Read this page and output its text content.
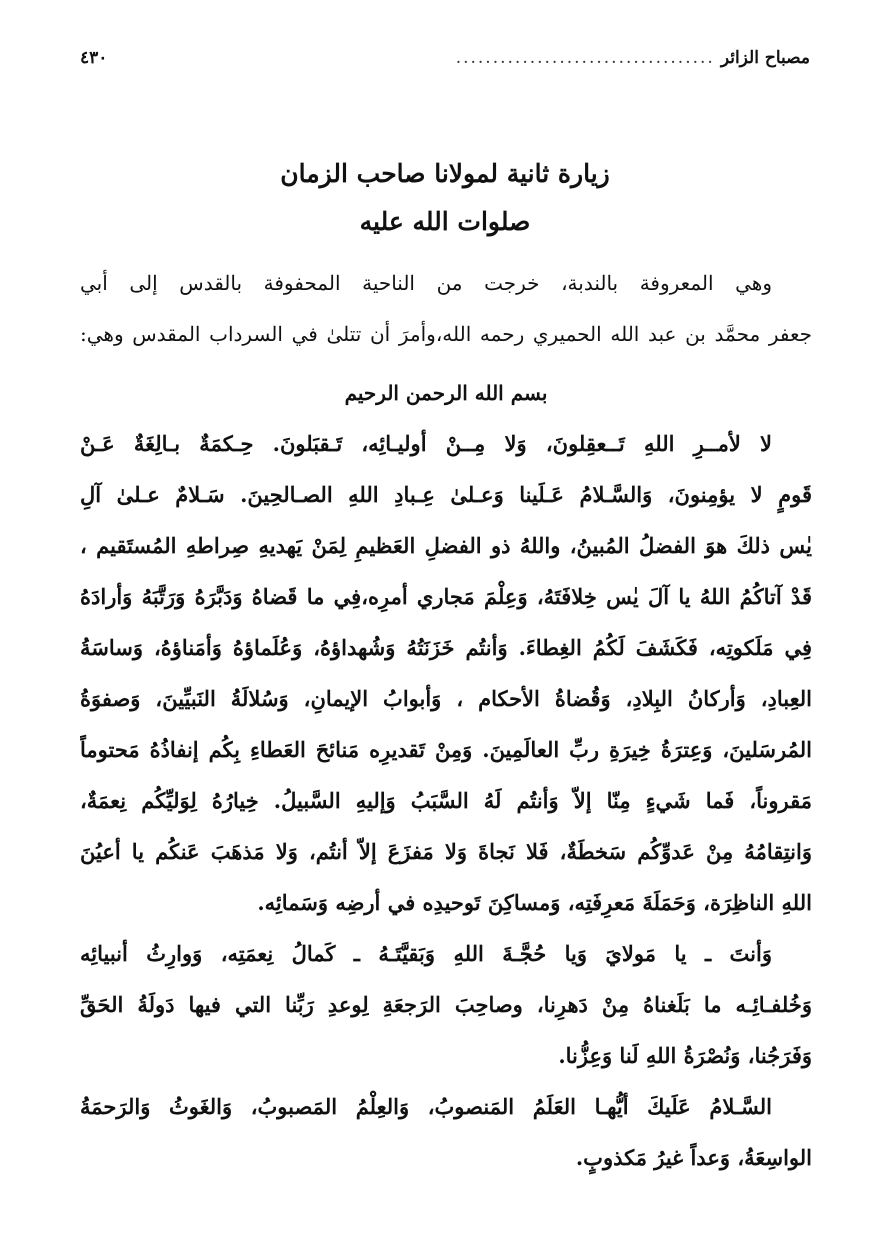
مصباح الزائر
...................................
٤٣٠
زيارة ثانية لمولانا صاحب الزمان
صلوات الله عليه
وهي المعروفة بالندبة، خرجت من الناحية المحفوفة بالقدس إلى أبي
جعفر محمَّد بن عبد الله الحميري رحمه الله،وأمرَ أن تتلىٰ في السرداب المقدس وهي:
بسم الله الرحمن الرحيم
لا لأمــرِ اللهِ تَــعقِلونَ، وَلا مِــنْ أوليـائِه، تَـقبَلونَ. حِـكمَةٌ بـالِغَةٌ عَـنْ
قَومٍ لا يؤمِنونَ، وَالسَّـلامُ عَـلَينا وَعـلىٰ عِـبادِ اللهِ الصـالحِينَ. سَـلامٌ عـلىٰ آلِ
يٰس ذلكَ هوَ الفضلُ المُبينُ، واللهُ ذو الفضلِ العَظيمِ لِمَنْ يَهديهِ صِراطهِ المُستَقيم ،
قَدْ آتاكُمُ اللهُ يا آلَ يٰس خِلافَتَهُ، وَعِلْمَ مَجاري أمرِه،فِي ما قَضاهُ وَدَبَّرَهُ وَرَتَّبَهُ وَأرادَهُ
فِي مَلَكوتِه، فَكَشَفَ لَكُمُ الغِطاءَ. وَأنتُم خَزَنَتُهُ وَشُهداؤهُ، وَعُلَماؤهُ وَأمَناؤهُ، وَساسَةُ
العِبادِ، وَأركانُ البِلادِ، وَقُضاةُ الأحكام ، وَأبوابُ الإيمانِ، وَسُلالَةُ النَبيِّينَ، وَصفوَةُ
المُرسَلينَ، وَعِترَةُ خِيرَةِ ربِّ العالَمِينَ. وَمِنْ تَقديرِه مَنائحَ العَطاءِ بِكُم إنفاذُهُ مَحتوماً
مَقروناً، فَما شَيءٍ مِنّا إلاّ وَأنتُم لَهُ السَّبَبُ وَإليهِ السَّبيلُ. خِيارُهُ لِوَليِّكُم نِعمَةٌ،
وَانتِقامُهُ مِنْ عَدوِّكُم سَخطَةٌ، فَلا نَجاةَ وَلا مَفزَعَ إلاّ أنتُم، وَلا مَذهَبَ عَنكُم يا أعيُنَ
اللهِ الناظِرَة، وَحَمَلَةَ مَعرِفَتِه، وَمساكِنَ تَوحيدِه في أرضِه وَسَمائِه.
وَأنتَ ـ يا مَولايَ وَيا حُجَّـةَ اللهِ وَبَقيَّتَـهُ ـ كَمالُ نِعمَتِه، وَوارِثُ أنبيائِه
وَخُلفـائِـه ما بَلَغناهُ مِنْ دَهرِنا، وصاحِبَ الرَجعَةِ لِوعدِ رَبِّنا التي فيها دَولَةُ الحَقِّ
وَفَرَجُنا، وَنُصْرَةُ اللهِ لَنا وَعِزُّنا.
السَّـلامُ عَلَيكَ أيُّهـا العَلَمُ المَنصوبُ، وَالعِلْمُ المَصبوبُ، وَالغَوثُ وَالرَحمَةُ
الواسِعَةُ، وَعداً غيرُ مَكذوبٍ.
